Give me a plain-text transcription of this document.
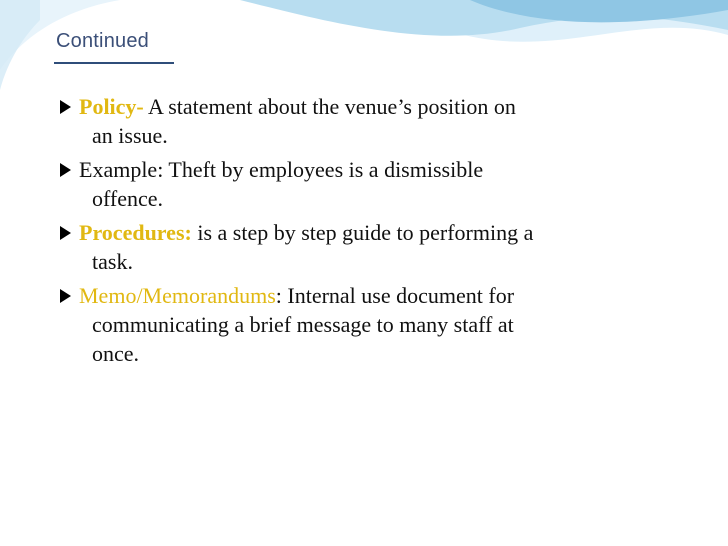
Continued
Policy- A statement about the venue’s position on
an issue.
Example: Theft by employees is a dismissible
offence.
Procedures: is a step by step guide to performing a
task.
Memo/Memorandums: Internal use document for
communicating a brief message to many staff at
once.
